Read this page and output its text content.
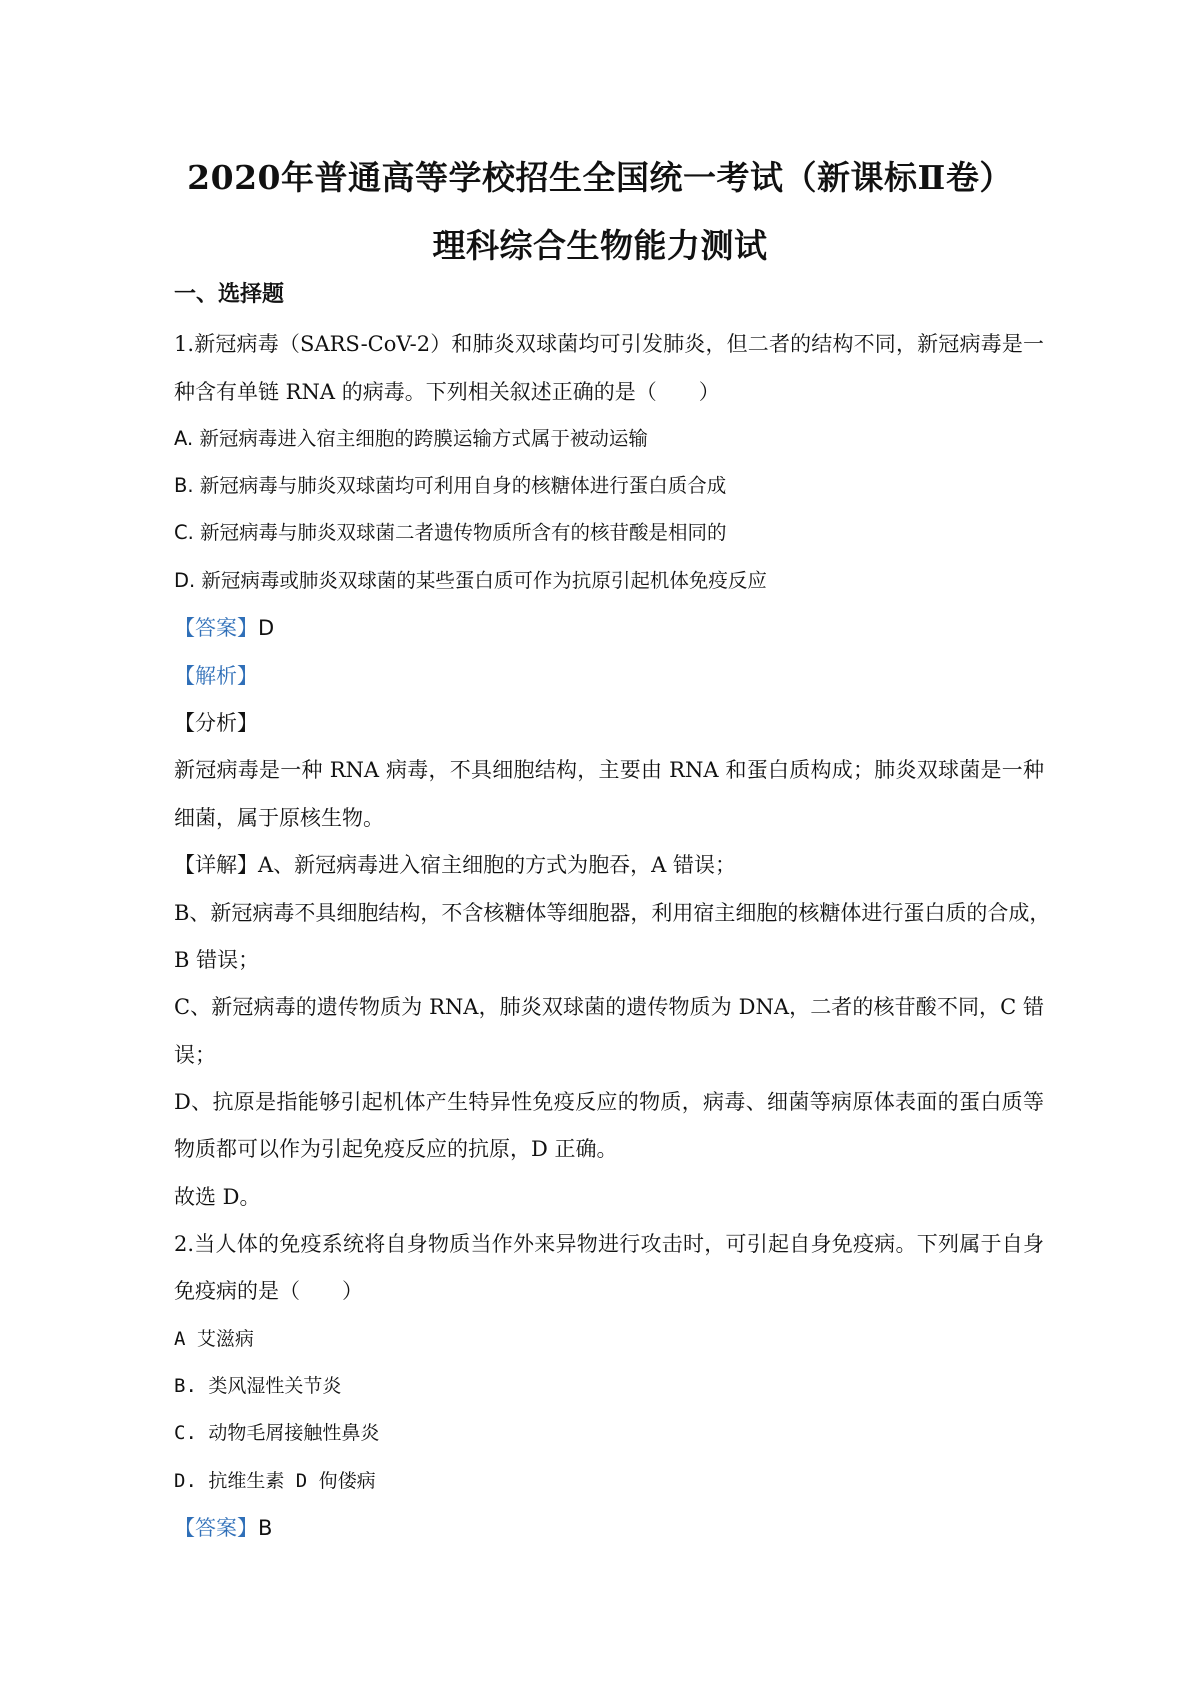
2020年普通高等学校招生全国统一考试（新课标Ⅱ卷）
理科综合生物能力测试
一、选择题
1.新冠病毒（SARS-CoV-2）和肺炎双球菌均可引发肺炎，但二者的结构不同，新冠病毒是一
种含有单链 RNA 的病毒。下列相关叙述正确的是（　　）
A. 新冠病毒进入宿主细胞的跨膜运输方式属于被动运输
B. 新冠病毒与肺炎双球菌均可利用自身的核糖体进行蛋白质合成
C. 新冠病毒与肺炎双球菌二者遗传物质所含有的核苷酸是相同的
D. 新冠病毒或肺炎双球菌的某些蛋白质可作为抗原引起机体免疫反应
【答案】D
【解析】
【分析】
新冠病毒是一种 RNA 病毒，不具细胞结构，主要由 RNA 和蛋白质构成；肺炎双球菌是一种
细菌，属于原核生物。
【详解】A、新冠病毒进入宿主细胞的方式为胞吞，A 错误；
B、新冠病毒不具细胞结构，不含核糖体等细胞器，利用宿主细胞的核糖体进行蛋白质的合成，
B 错误；
C、新冠病毒的遗传物质为 RNA，肺炎双球菌的遗传物质为 DNA，二者的核苷酸不同，C 错
误；
D、抗原是指能够引起机体产生特异性免疫反应的物质，病毒、细菌等病原体表面的蛋白质等
物质都可以作为引起免疫反应的抗原，D 正确。
故选 D。
2.当人体的免疫系统将自身物质当作外来异物进行攻击时，可引起自身免疫病。下列属于自身
免疫病的是（　　）
A 艾滋病
B. 类风湿性关节炎
C. 动物毛屑接触性鼻炎
D. 抗维生素 D 佝偻病
【答案】B
